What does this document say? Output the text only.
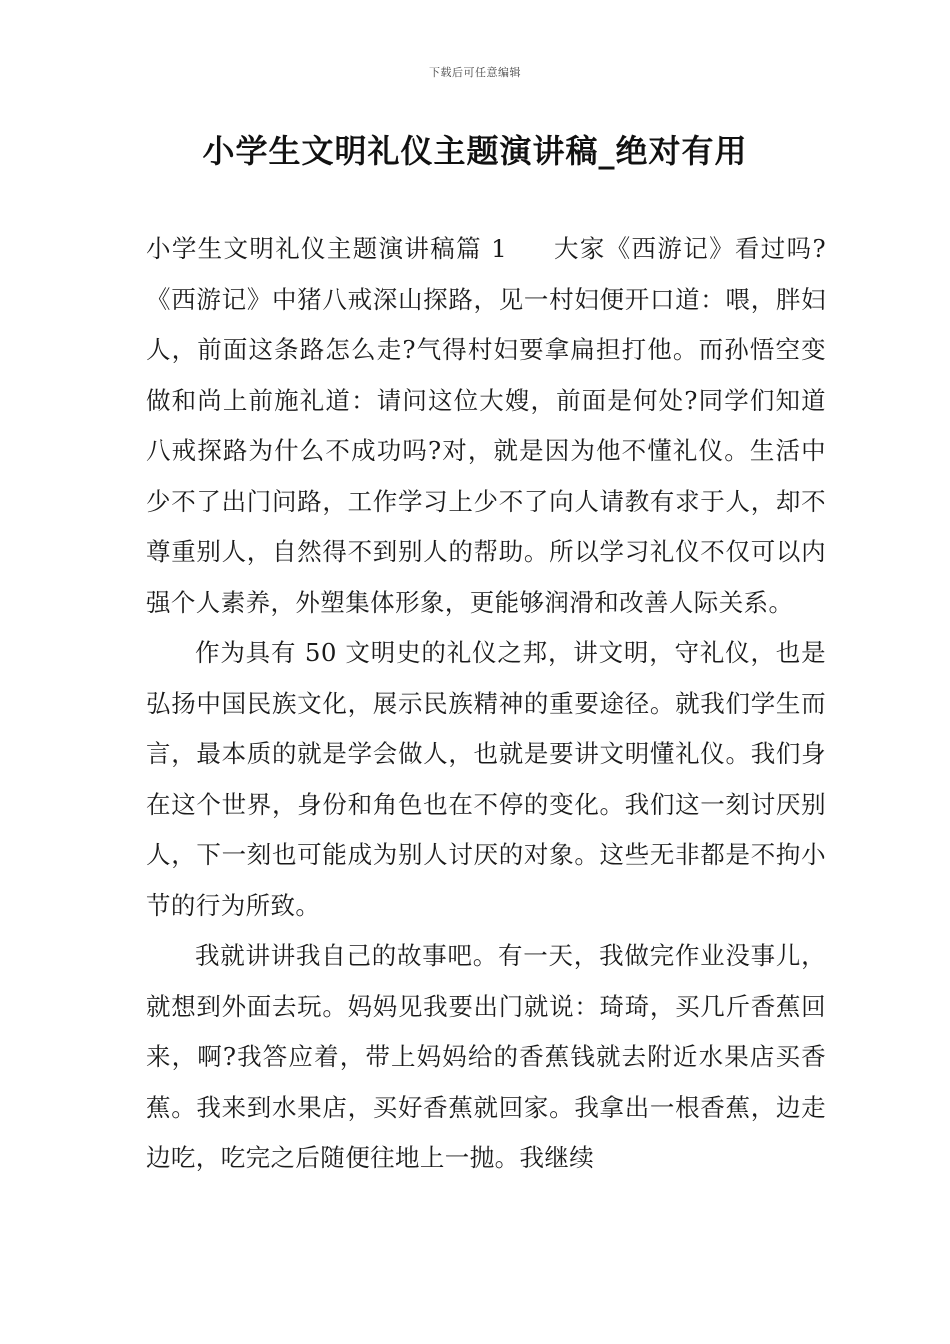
下载后可任意编辑
小学生文明礼仪主题演讲稿_绝对有用

小学生文明礼仪主题演讲稿篇 1 大家《西游记》看过吗?《西游记》中猪八戒深山探路，见一村妇便开口道：喂，胖妇人，前面这条路怎么走?气得村妇要拿扁担打他。而孙悟空变做和尚上前施礼道：请问这位大嫂，前面是何处?同学们知道八戒探路为什么不成功吗?对，就是因为他不懂礼仪。生活中少不了出门问路，工作学习上少不了向人请教有求于人，却不尊重别人，自然得不到别人的帮助。所以学习礼仪不仅可以内强个人素养，外塑集体形象，更能够润滑和改善人际关系。

作为具有 50 文明史的礼仪之邦，讲文明，守礼仪，也是弘扬中国民族文化，展示民族精神的重要途径。就我们学生而言，最本质的就是学会做人，也就是要讲文明懂礼仪。我们身在这个世界，身份和角色也在不停的变化。我们这一刻讨厌别人，下一刻也可能成为别人讨厌的对象。这些无非都是不拘小节的行为所致。

我就讲讲我自己的故事吧。有一天，我做完作业没事儿，就想到外面去玩。妈妈见我要出门就说：琦琦，买几斤香蕉回来，啊?我答应着，带上妈妈给的香蕉钱就去附近水果店买香蕉。我来到水果店，买好香蕉就回家。我拿出一根香蕉，边走边吃，吃完之后随便往地上一抛。我继续
